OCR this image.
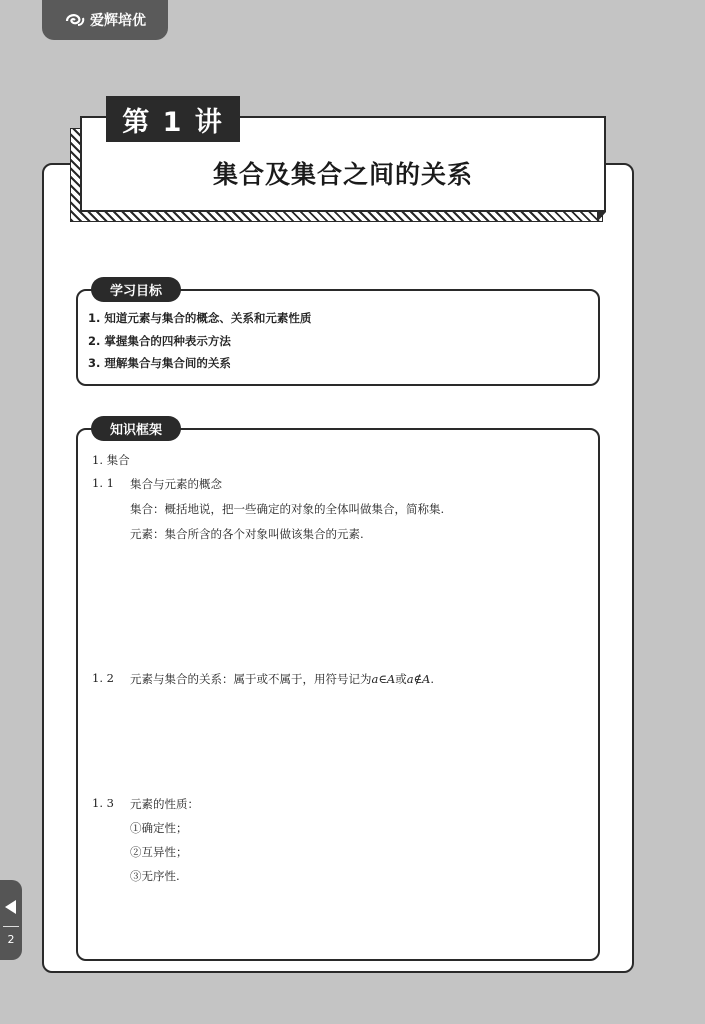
爱辉培优
第 1 讲
集合及集合之间的关系
学习目标
1. 知道元素与集合的概念、关系和元素性质
2. 掌握集合的四种表示方法
3. 理解集合与集合间的关系
知识框架
1. 集合
1. 1 集合与元素的概念
集合：概括地说，把一些确定的对象的全体叫做集合，简称集.
元素：集合所含的各个对象叫做该集合的元素.
1. 2 元素与集合的关系：属于或不属于，用符号记为a∈A或a∉A.
1. 3 元素的性质：
①确定性；
②互异性；
③无序性.
2
